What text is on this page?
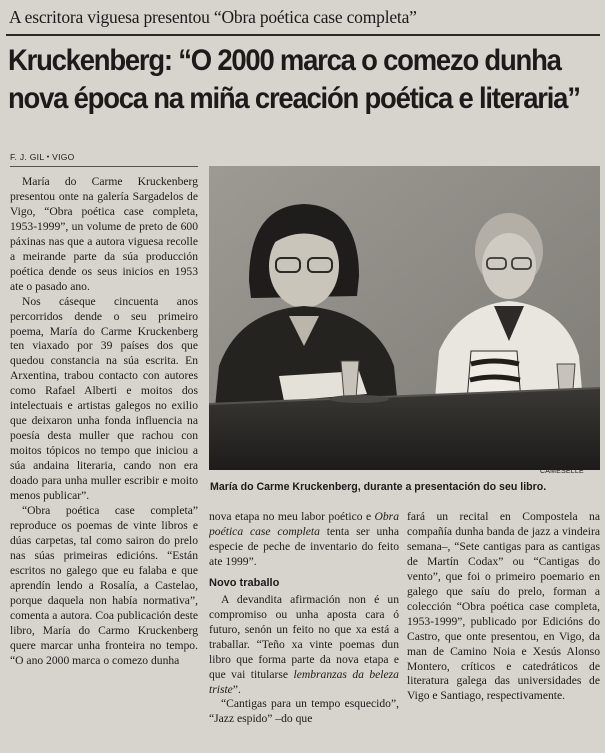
A escritora viguesa presentou “Obra poética case completa”
Kruckenberg: “O 2000 marca o comezo dunha
nova época na miña creación poética e literaria”
F. J. GIL • VIGO

María do Carme Kruckenberg presentou onte na galería Sargadelos de Vigo, “Obra poética case completa, 1953-1999”, un volume de preto de 600 páxinas nas que a autora viguesa recolle a meirande parte da súa producción poética dende os seus inicios en 1953 ate o pasado ano.

Nos cáseque cincuenta anos percorridos dende o seu primeiro poema, María do Carme Kruckenberg ten viaxado por 39 países dos que quedou constancia na súa escrita. En Arxentina, trabou contacto con autores como Rafael Alberti e moitos dos intelectuais e artistas galegos no exilio que deixaron unha fonda influencia na poesía desta muller que rachou con moitos tópicos no tempo que iniciou a súa andaina literaria, cando non era doado para unha muller escribir e moito menos publicar”.

“Obra poética case completa” reproduce os poemas de vinte libros e dúas carpetas, tal como sairon do prelo nas súas primeiras edicións. “Están escritos no galego que eu falaba e que aprendín lendo a Rosalía, a Castelao, porque daquela non había normativa”, comenta a autora. Coa publicación deste libro, María do Carmo Kruckenberg quere marcar unha fronteira no tempo. “O ano 2000 marca o comezo dunha

CAMESELLE
María do Carme Kruckenberg, durante a presentación do seu libro.

nova etapa no meu labor poético e Obra poética case completa tenta ser unha especie de peche de inventario do feito ate 1999”.

Novo traballo

A devandita afirmación non é un compromiso ou unha aposta cara ó futuro, senón un feito no que xa está a traballar. “Teño xa vinte poemas dun libro que forma parte da nova etapa e que vai titularse lembranzas da beleza triste”.

“Cantigas para un tempo esquecido”, “Jazz espido” –do que

fará un recital en Compostela na compañía dunha banda de jazz a vindeira semana–, “Sete cantigas para as cantigas de Martín Codax” ou “Cantigas do vento”, que foi o primeiro poemario en galego que saíu do prelo, forman a colección “Obra poética case completa, 1953-1999”, publicado por Edicións do Castro, que onte presentou, en Vigo, da man de Camino Noia e Xesús Alonso Montero, críticos e catedráticos de literatura galega das universidades de Vigo e Santiago, respectivamente.
